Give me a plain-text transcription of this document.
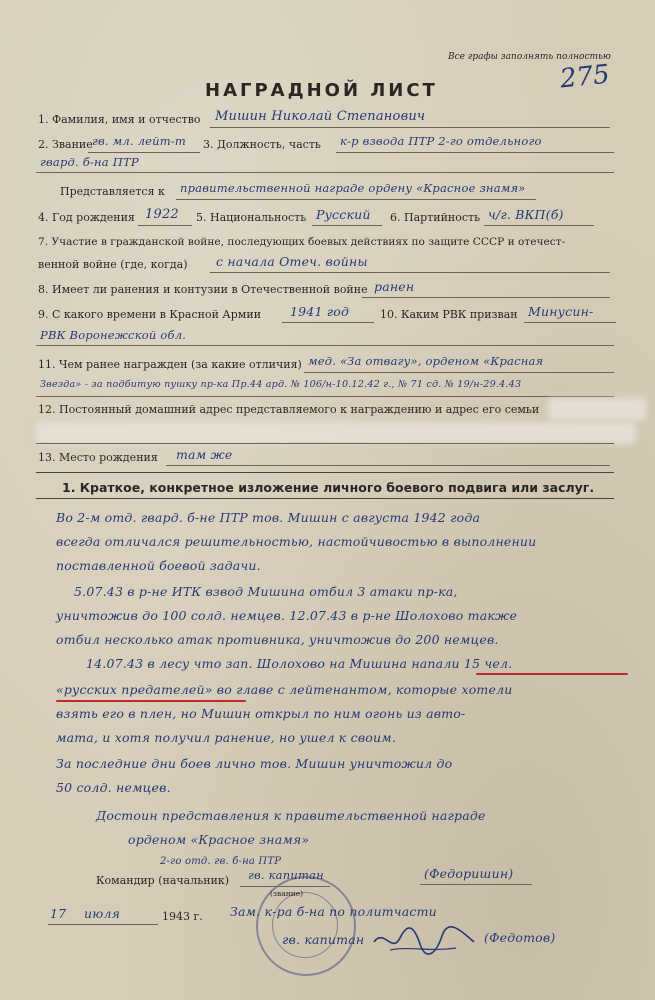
Все графы заполнять полностью
275
НАГРАДНОЙ ЛИСТ
1. Фамилия, имя и отчество Мишин Николай Степанович
2. Звание гв. мл. лейт-т 3. Должность, часть к-р взвода ПТР 2-го отдельного
гвард. б-на ПТР
Представляется к правительственной награде ордену «Красное знамя»
4. Год рождения 1922 5. Национальность Русский 6. Партийность ч/г. ВКП(б)
7. Участие в гражданской войне, последующих боевых действиях по защите СССР и отечест-
венной войне (где, когда) с начала Отеч. войны
8. Имеет ли ранения и контузии в Отечественной войне ранен
9. С какого времени в Красной Армии 1941 год	10. Каким РВК призван Минусин-
РВК Воронежской обл.
11. Чем ранее награжден (за какие отличия) мед. «За отвагу», орденом «Красная
Звезда» - за подбитую пушку пр-ка Пр.44 ард. № 106/н-10.12.42 г., № 71 сд. № 19/н-29.4.43
12. Постоянный домашний адрес представляемого к награждению и адрес его семьи
13. Место рождения там же
1. Краткое, конкретное изложение личного боевого подвига или заслуг.
Во 2-м отд. гвард. б-не ПТР тов. Мишин с августа 1942 года
всегда отличался решительностью, настойчивостью в выполнении
поставленной боевой задачи.
5.07.43 в р-не ИТК взвод Мишина отбил 3 атаки пр-ка,
уничтожив до 100 солд. немцев. 12.07.43 в р-не Шолохово также
отбил несколько атак противника, уничтожив до 200 немцев.
14.07.43 в лесу что зап. Шолохово на Мишина напали 15 чел.
«русских предателей» во главе с лейтенантом, которые хотели
взять его в плен, но Мишин открыл по ним огонь из авто-
мата, и хотя получил ранение, но ушел к своим.
За последние дни боев лично тов. Мишин уничтожил до
50 солд. немцев.
Достоин представления к правительственной награде
орденом «Красное знамя»
2-го отд. гв. б-на ПТР
Командир (начальник) гв. капитан
(звание)
(Федоришин)
17 июля	1943 г. Зам. к-ра б-на по политчасти
гв. капитан	(Федотов)
